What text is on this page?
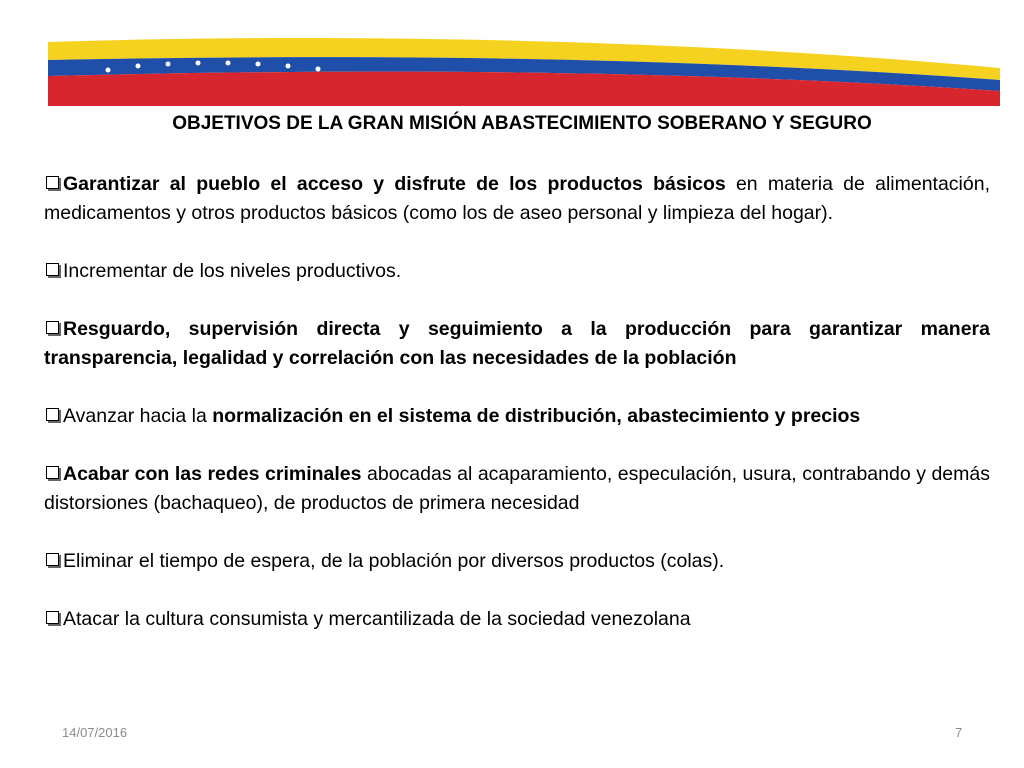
OBJETIVOS DE LA GRAN MISIÓN ABASTECIMIENTO SOBERANO Y SEGURO
Garantizar al pueblo el acceso y disfrute de los productos básicos en materia de alimentación, medicamentos y otros productos básicos (como los de aseo personal y limpieza del hogar).
Incrementar de los niveles productivos.
Resguardo, supervisión directa y seguimiento a la producción para garantizar manera transparencia, legalidad y correlación con las necesidades de la población
Avanzar hacia la normalización en el sistema de distribución, abastecimiento y precios
Acabar con las redes criminales abocadas al acaparamiento, especulación, usura, contrabando y demás distorsiones (bachaqueo), de productos de primera necesidad
Eliminar el tiempo de espera, de la población por diversos productos (colas).
Atacar la cultura consumista y mercantilizada de la sociedad venezolana
14/07/2016	7
